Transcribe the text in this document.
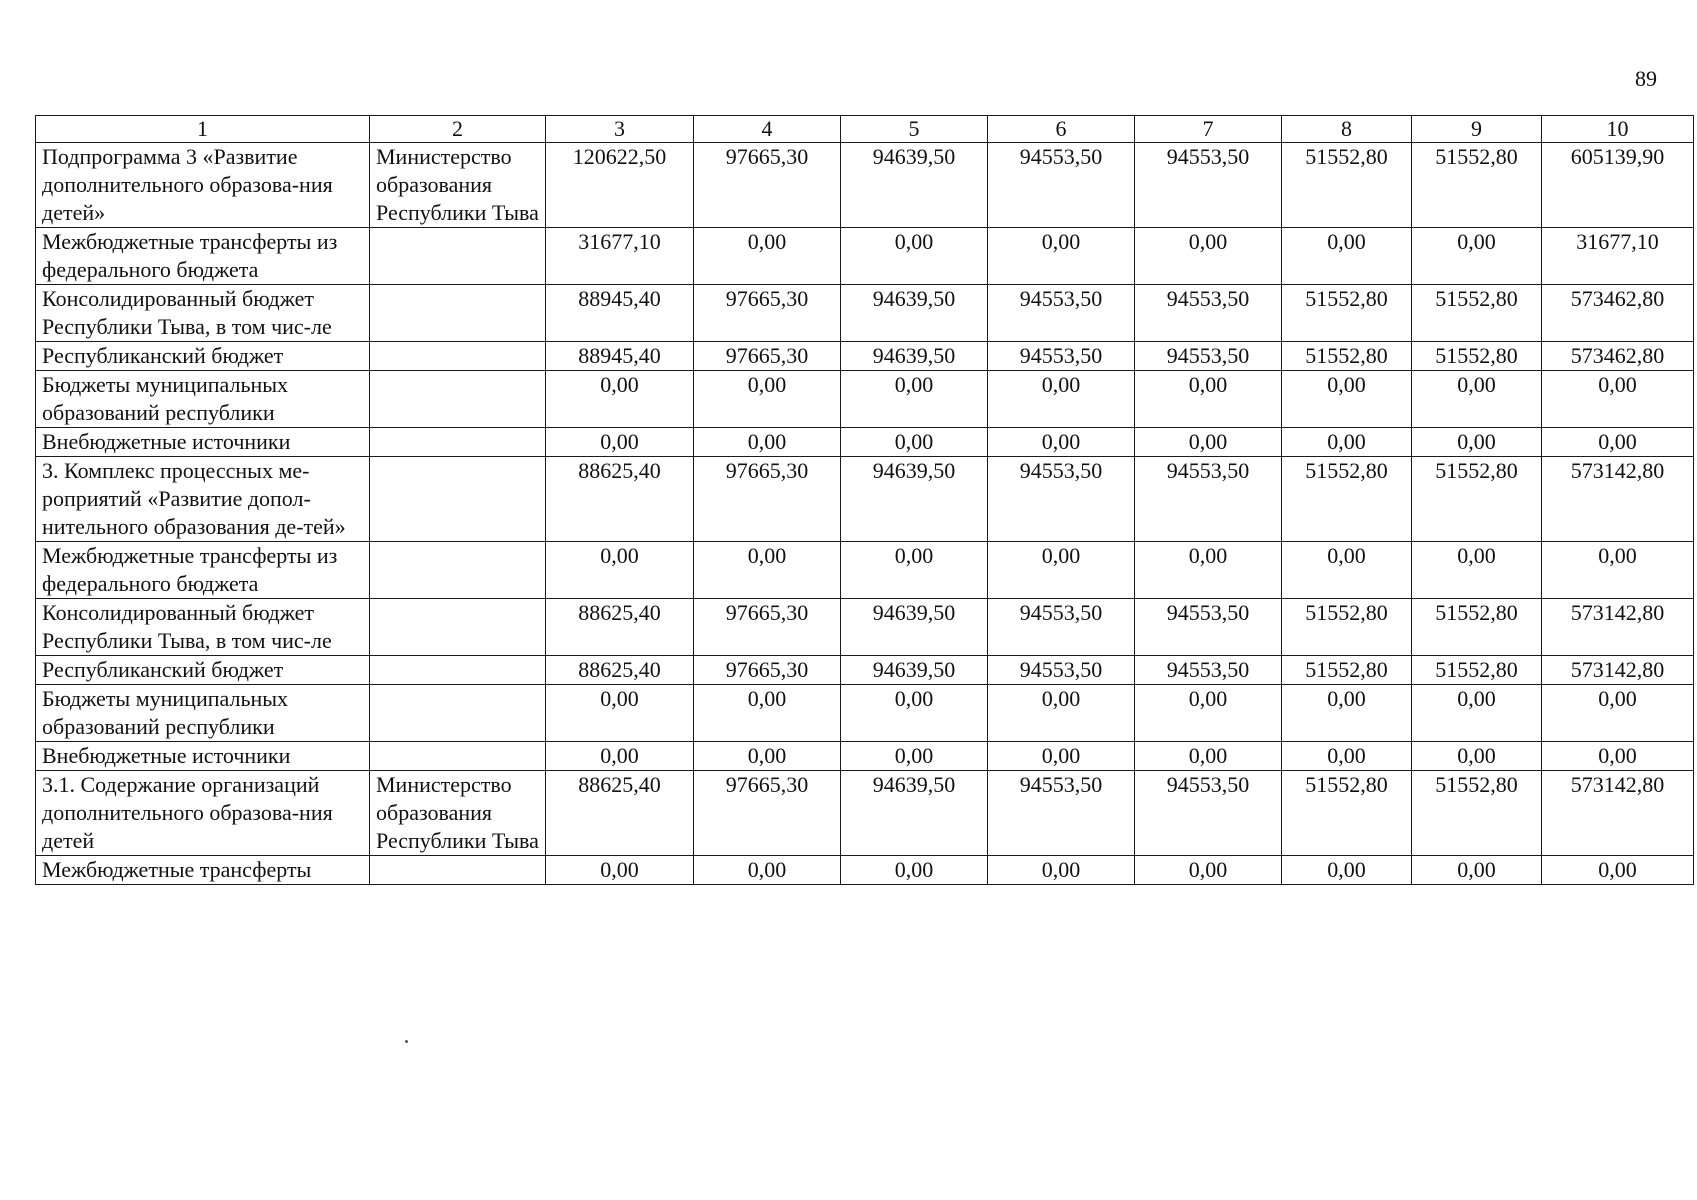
89
1	2	3	4	5	6	7	8	9	10
Подпрограмма 3 «Развитие дополнительного образова-ния детей»	Министерство образования Республики Тыва	120622,50	97665,30	94639,50	94553,50	94553,50	51552,80	51552,80	605139,90
Межбюджетные трансферты из федерального бюджета		31677,10	0,00	0,00	0,00	0,00	0,00	0,00	31677,10
Консолидированный бюджет Республики Тыва, в том чис-ле		88945,40	97665,30	94639,50	94553,50	94553,50	51552,80	51552,80	573462,80
Республиканский бюджет		88945,40	97665,30	94639,50	94553,50	94553,50	51552,80	51552,80	573462,80
Бюджеты муниципальных образований республики		0,00	0,00	0,00	0,00	0,00	0,00	0,00	0,00
Внебюджетные источники		0,00	0,00	0,00	0,00	0,00	0,00	0,00	0,00
3. Комплекс процессных ме-роприятий «Развитие допол-нительного образования де-тей»		88625,40	97665,30	94639,50	94553,50	94553,50	51552,80	51552,80	573142,80
Межбюджетные трансферты из федерального бюджета		0,00	0,00	0,00	0,00	0,00	0,00	0,00	0,00
Консолидированный бюджет Республики Тыва, в том чис-ле		88625,40	97665,30	94639,50	94553,50	94553,50	51552,80	51552,80	573142,80
Республиканский бюджет		88625,40	97665,30	94639,50	94553,50	94553,50	51552,80	51552,80	573142,80
Бюджеты муниципальных образований республики		0,00	0,00	0,00	0,00	0,00	0,00	0,00	0,00
Внебюджетные источники		0,00	0,00	0,00	0,00	0,00	0,00	0,00	0,00
3.1. Содержание организаций дополнительного образова-ния детей	Министерство образования Республики Тыва	88625,40	97665,30	94639,50	94553,50	94553,50	51552,80	51552,80	573142,80
Межбюджетные трансферты		0,00	0,00	0,00	0,00	0,00	0,00	0,00	0,00
